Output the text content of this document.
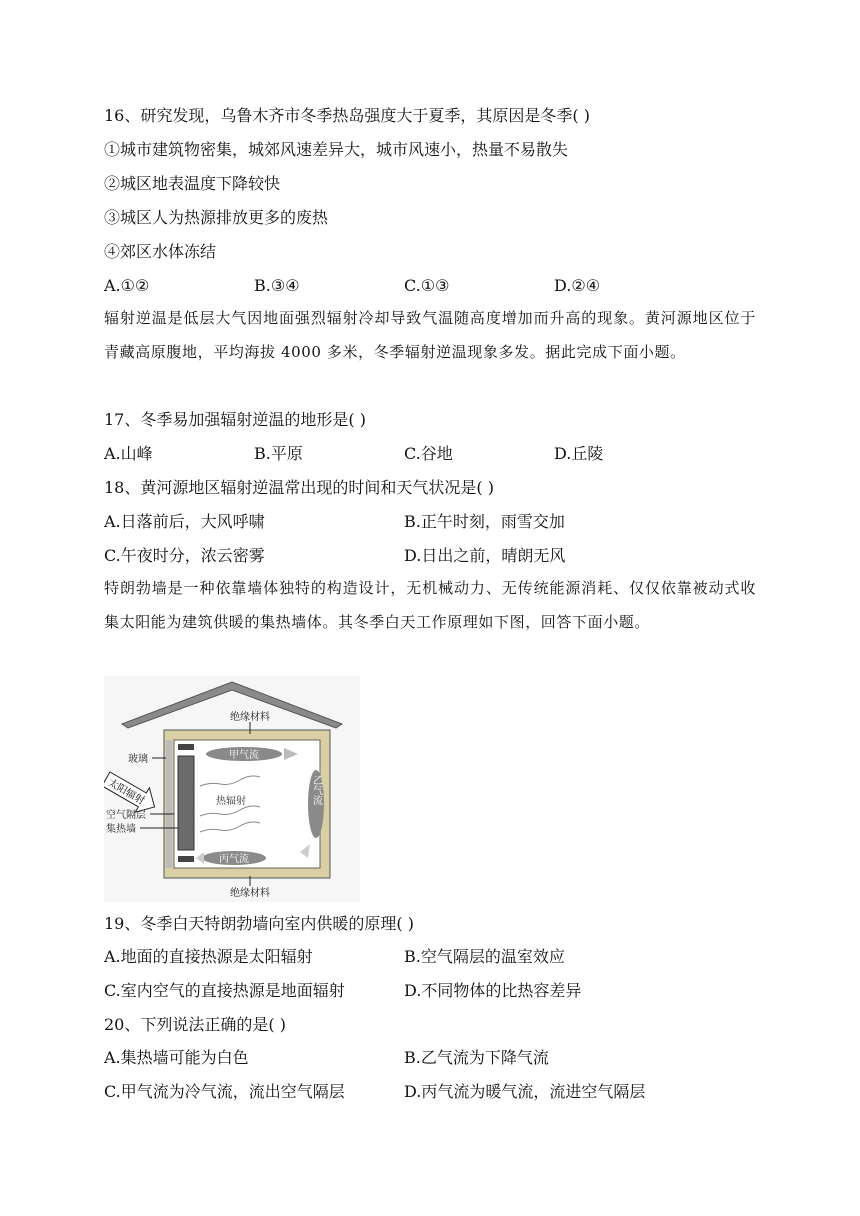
16、研究发现，乌鲁木齐市冬季热岛强度大于夏季，其原因是冬季( )
①城市建筑物密集，城郊风速差异大，城市风速小，热量不易散失
②城区地表温度下降较快
③城区人为热源排放更多的废热
④郊区水体冻结
A.①②	B.③④	C.①③	D.②④
辐射逆温是低层大气因地面强烈辐射冷却导致气温随高度增加而升高的现象。黄河源地区位于青藏高原腹地，平均海拔 4000 多米，冬季辐射逆温现象多发。据此完成下面小题。
17、冬季易加强辐射逆温的地形是( )
A.山峰	B.平原	C.谷地	D.丘陵
18、黄河源地区辐射逆温常出现的时间和天气状况是( )
A.日落前后，大风呼啸	B.正午时刻，雨雪交加
C.午夜时分，浓云密雾	D.日出之前，晴朗无风
特朗勃墙是一种依靠墙体独特的构造设计，无机械动力、无传统能源消耗、仅仅依靠被动式收集太阳能为建筑供暖的集热墙体。其冬季白天工作原理如下图，回答下面小题。
甲气流
乙气流
丙气流
热辐射
绝缘材料
绝缘材料
玻璃
空气隔层
集热墙
太阳辐射
19、冬季白天特朗勃墙向室内供暖的原理( )
A.地面的直接热源是太阳辐射	B.空气隔层的温室效应
C.室内空气的直接热源是地面辐射	D.不同物体的比热容差异
20、下列说法正确的是( )
A.集热墙可能为白色	B.乙气流为下降气流
C.甲气流为冷气流，流出空气隔层	D.丙气流为暖气流，流进空气隔层
